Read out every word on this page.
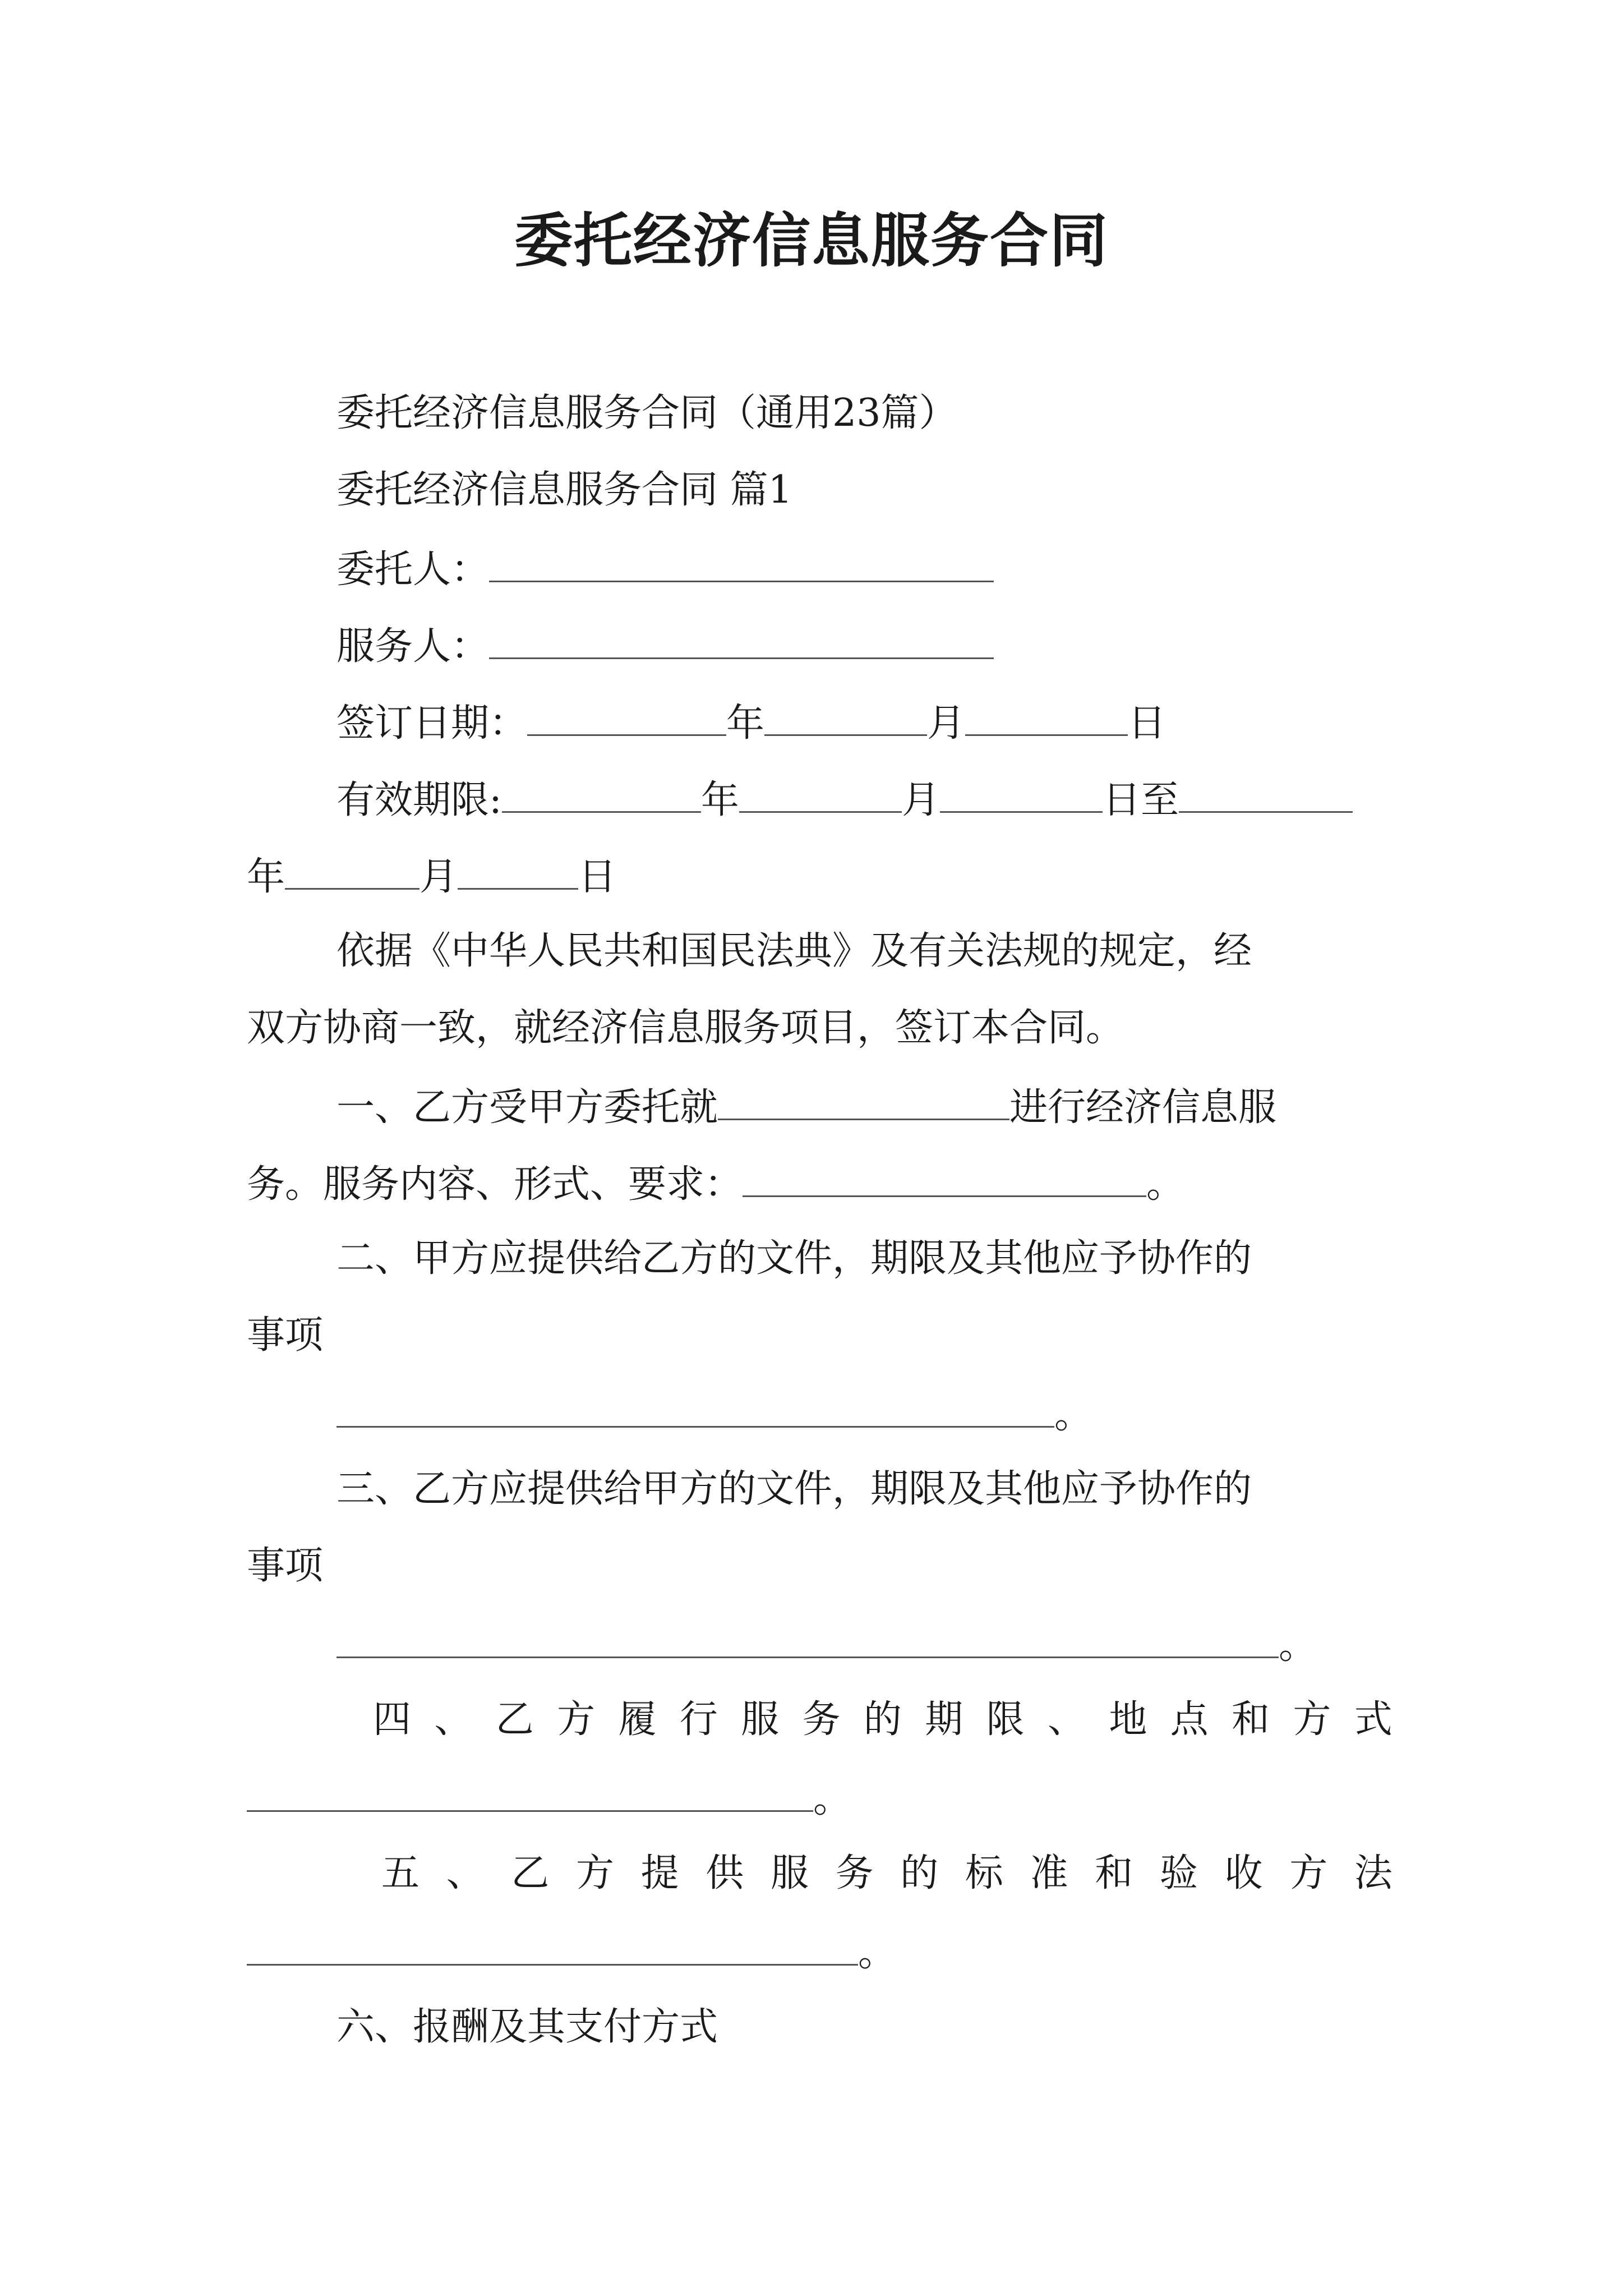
委托经济信息服务合同
委托经济信息服务合同（通用23篇）
委托经济信息服务合同 篇1
委托人：
服务人：
签订日期：	年	月	日
有效期限:	年	月	日至
年	月	日
依据《中华人民共和国民法典》及有关法规的规定，经
双方协商一致，就经济信息服务项目，签订本合同。
一、乙方受甲方委托就	进行经济信息服
务。服务内容、形式、要求：	。
二、甲方应提供给乙方的文件，期限及其他应予协作的
事项
。
三、乙方应提供给甲方的文件，期限及其他应予协作的
事项
。
四 、 乙 方 履 行 服 务 的 期 限 、 地 点 和 方 式
。
五 、 乙 方 提 供 服 务 的 标 准 和 验 收 方 法
。
六、报酬及其支付方式
